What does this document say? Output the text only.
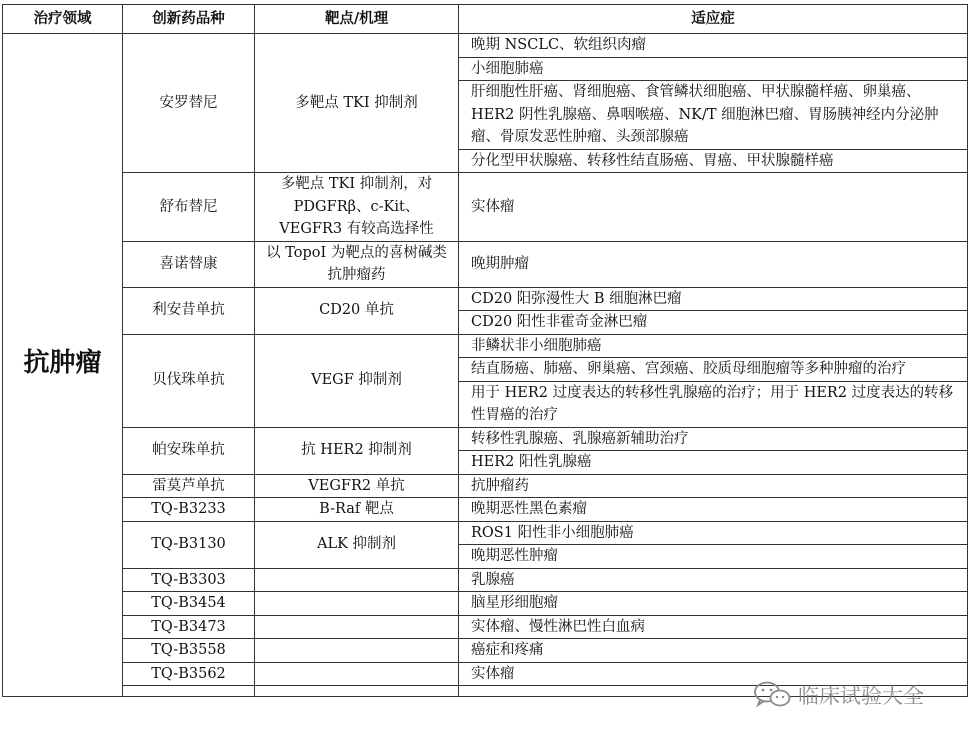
治疗领域	创新药品种	靶点/机理	适应症
抗肿瘤	安罗替尼	多靶点 TKI 抑制剂	晚期 NSCLC、软组织肉瘤
			小细胞肺癌
			肝细胞性肝癌、肾细胞癌、食管鳞状细胞癌、甲状腺髓样癌、卵巢癌、HER2 阴性乳腺癌、鼻咽喉癌、NK/T 细胞淋巴瘤、胃肠胰神经内分泌肿瘤、骨原发恶性肿瘤、头颈部腺癌
			分化型甲状腺癌、转移性结直肠癌、胃癌、甲状腺髓样癌
	舒布替尼	多靶点 TKI 抑制剂，对 PDGFRβ、c-Kit、VEGFR3 有较高选择性	实体瘤
	喜诺替康	以 TopoI 为靶点的喜树碱类抗肿瘤药	晚期肿瘤
	利安昔单抗	CD20 单抗	CD20 阳弥漫性大 B 细胞淋巴瘤
			CD20 阳性非霍奇金淋巴瘤
	贝伐珠单抗	VEGF 抑制剂	非鳞状非小细胞肺癌
			结直肠癌、肺癌、卵巢癌、宫颈癌、胶质母细胞瘤等多种肿瘤的治疗
			用于 HER2 过度表达的转移性乳腺癌的治疗；用于 HER2 过度表达的转移性胃癌的治疗
	帕安珠单抗	抗 HER2 抑制剂	转移性乳腺癌、乳腺癌新辅助治疗
			HER2 阳性乳腺癌
	雷莫芦单抗	VEGFR2 单抗	抗肿瘤药
	TQ-B3233	B-Raf 靶点	晚期恶性黑色素瘤
	TQ-B3130	ALK 抑制剂	ROS1 阳性非小细胞肺癌
			晚期恶性肿瘤
	TQ-B3303		乳腺癌
	TQ-B3454		脑星形细胞瘤
	TQ-B3473		实体瘤、慢性淋巴性白血病
	TQ-B3558		癌症和疼痛
	TQ-B3562		实体瘤

临床试验大全
